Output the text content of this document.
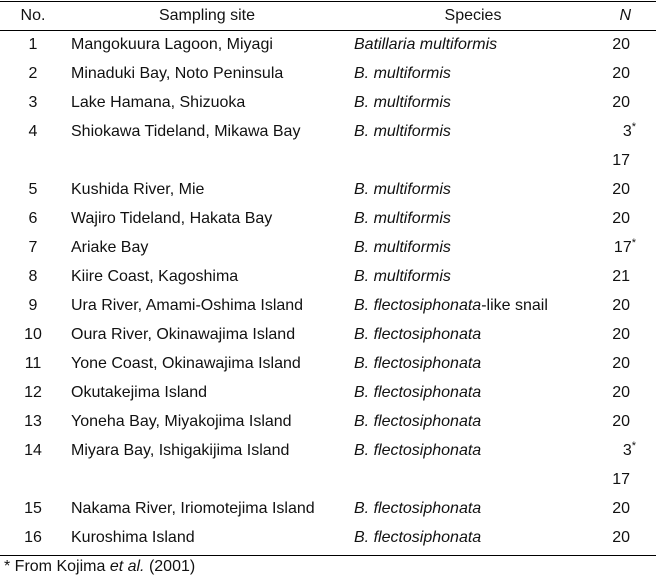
No.	Sampling site	Species	N
1	Mangokuura Lagoon, Miyagi	Batillaria multiformis	20
2	Minaduki Bay, Noto Peninsula	B. multiformis	20
3	Lake Hamana, Shizuoka	B. multiformis	20
4	Shiokawa Tideland, Mikawa Bay	B. multiformis	3*
			17
5	Kushida River, Mie	B. multiformis	20
6	Wajiro Tideland, Hakata Bay	B. multiformis	20
7	Ariake Bay	B. multiformis	17*
8	Kiire Coast, Kagoshima	B. multiformis	21
9	Ura River, Amami-Oshima Island	B. flectosiphonata-like snail	20
10	Oura River, Okinawajima Island	B. flectosiphonata	20
11	Yone Coast, Okinawajima Island	B. flectosiphonata	20
12	Okutakejima Island	B. flectosiphonata	20
13	Yoneha Bay, Miyakojima Island	B. flectosiphonata	20
14	Miyara Bay, Ishigakijima Island	B. flectosiphonata	3*
			17
15	Nakama River, Iriomotejima Island	B. flectosiphonata	20
16	Kuroshima Island	B. flectosiphonata	20
* From Kojima et al. (2001)
